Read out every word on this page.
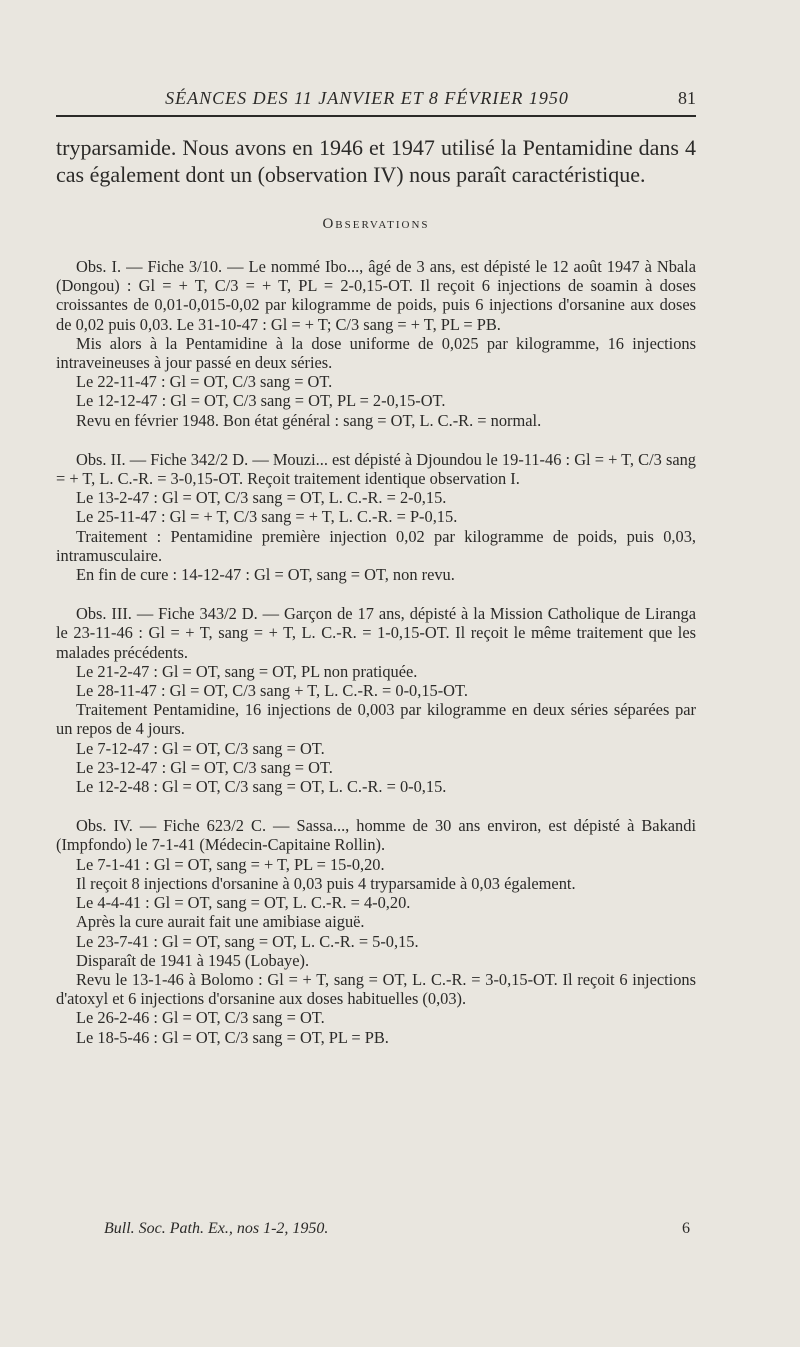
SÉANCES DES 11 JANVIER ET 8 FÉVRIER 1950	81

tryparsamide. Nous avons en 1946 et 1947 utilisé la Pentamidine dans 4 cas également dont un (observation IV) nous paraît caractéristique.

Observations

Obs. I. — Fiche 3/10. — Le nommé Ibo..., âgé de 3 ans, est dépisté le 12 août 1947 à Nbala (Dongou) : Gl = + T, C/3 = + T, PL = 2-0,15-OT. Il reçoit 6 injections de soamin à doses croissantes de 0,01-0,015-0,02 par kilogramme de poids, puis 6 injections d'orsanine aux doses de 0,02 puis 0,03. Le 31-10-47 : Gl = + T; C/3 sang = + T, PL = PB.

Mis alors à la Pentamidine à la dose uniforme de 0,025 par kilogramme, 16 injections intraveineuses à jour passé en deux séries.

Le 22-11-47 : Gl = OT, C/3 sang = OT.

Le 12-12-47 : Gl = OT, C/3 sang = OT, PL = 2-0,15-OT.

Revu en février 1948. Bon état général : sang = OT, L. C.-R. = normal.

Obs. II. — Fiche 342/2 D. — Mouzi... est dépisté à Djoundou le 19-11-46 : Gl = + T, C/3 sang = + T, L. C.-R. = 3-0,15-OT. Reçoit traitement identique observation I.

Le 13-2-47 : Gl = OT, C/3 sang = OT, L. C.-R. = 2-0,15.

Le 25-11-47 : Gl = + T, C/3 sang = + T, L. C.-R. = P-0,15.

Traitement : Pentamidine première injection 0,02 par kilogramme de poids, puis 0,03, intramusculaire.

En fin de cure : 14-12-47 : Gl = OT, sang = OT, non revu.

Obs. III. — Fiche 343/2 D. — Garçon de 17 ans, dépisté à la Mission Catholique de Liranga le 23-11-46 : Gl = + T, sang = + T, L. C.-R. = 1-0,15-OT. Il reçoit le même traitement que les malades précédents.

Le 21-2-47 : Gl = OT, sang = OT, PL non pratiquée.

Le 28-11-47 : Gl = OT, C/3 sang + T, L. C.-R. = 0-0,15-OT.

Traitement Pentamidine, 16 injections de 0,003 par kilogramme en deux séries séparées par un repos de 4 jours.

Le 7-12-47 : Gl = OT, C/3 sang = OT.

Le 23-12-47 : Gl = OT, C/3 sang = OT.

Le 12-2-48 : Gl = OT, C/3 sang = OT, L. C.-R. = 0-0,15.

Obs. IV. — Fiche 623/2 C. — Sassa..., homme de 30 ans environ, est dépisté à Bakandi (Impfondo) le 7-1-41 (Médecin-Capitaine Rollin).

Le 7-1-41 : Gl = OT, sang = + T, PL = 15-0,20.

Il reçoit 8 injections d'orsanine à 0,03 puis 4 tryparsamide à 0,03 également.

Le 4-4-41 : Gl = OT, sang = OT, L. C.-R. = 4-0,20.

Après la cure aurait fait une amibiase aiguë.

Le 23-7-41 : Gl = OT, sang = OT, L. C.-R. = 5-0,15.

Disparaît de 1941 à 1945 (Lobaye).

Revu le 13-1-46 à Bolomo : Gl = + T, sang = OT, L. C.-R. = 3-0,15-OT. Il reçoit 6 injections d'atoxyl et 6 injections d'orsanine aux doses habituelles (0,03).

Le 26-2-46 : Gl = OT, C/3 sang = OT.

Le 18-5-46 : Gl = OT, C/3 sang = OT, PL = PB.

Bull. Soc. Path. Ex., nos 1-2, 1950.	6
